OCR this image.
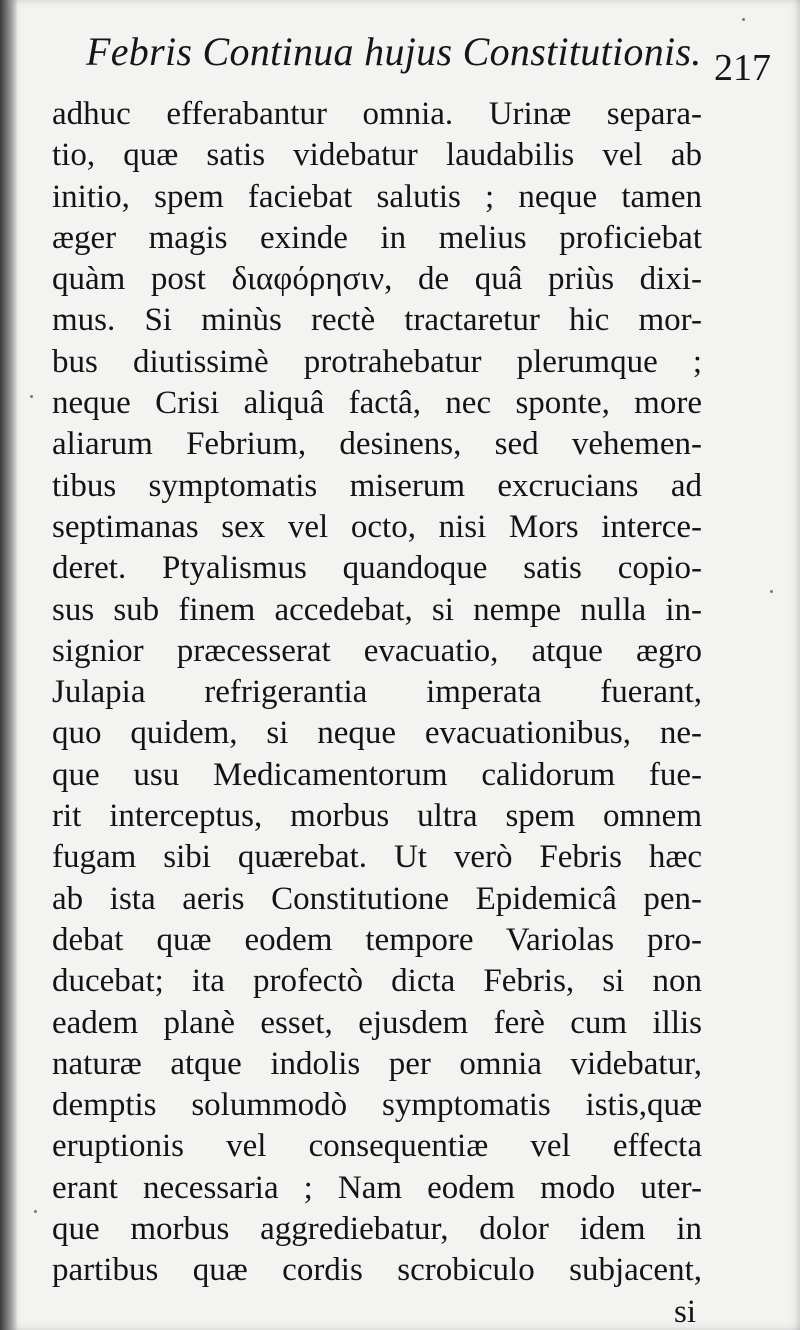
Febris Continua hujus Constitutionis. 217
adhuc efferabantur omnia. Urinæ separa-
tio, quæ satis videbatur laudabilis vel ab
initio, spem faciebat salutis ; neque tamen
æger magis exinde in melius proficiebat
quàm post διαφόρησιν, de quâ priùs dixi-
mus. Si minùs rectè tractaretur hic mor-
bus diutissimè protrahebatur plerumque ;
neque Crisi aliquâ factâ, nec sponte, more
aliarum Febrium, desinens, sed vehemen-
tibus symptomatis miserum excrucians ad
septimanas sex vel octo, nisi Mors interce-
deret. Ptyalismus quandoque satis copio-
sus sub finem accedebat, si nempe nulla in-
signior præcesserat evacuatio, atque ægro
Julapia refrigerantia imperata fuerant,
quo quidem, si neque evacuationibus, ne-
que usu Medicamentorum calidorum fue-
rit interceptus, morbus ultra spem omnem
fugam sibi quærebat. Ut verò Febris hæc
ab ista aeris Constitutione Epidemicâ pen-
debat quæ eodem tempore Variolas pro-
ducebat; ita profectò dicta Febris, si non
eadem planè esset, ejusdem ferè cum illis
naturæ atque indolis per omnia videbatur,
demptis solummodò symptomatis istis,quæ
eruptionis vel consequentiæ vel effecta
erant necessaria ; Nam eodem modo uter-
que morbus aggrediebatur, dolor idem in
partibus quæ cordis scrobiculo subjacent,
si
